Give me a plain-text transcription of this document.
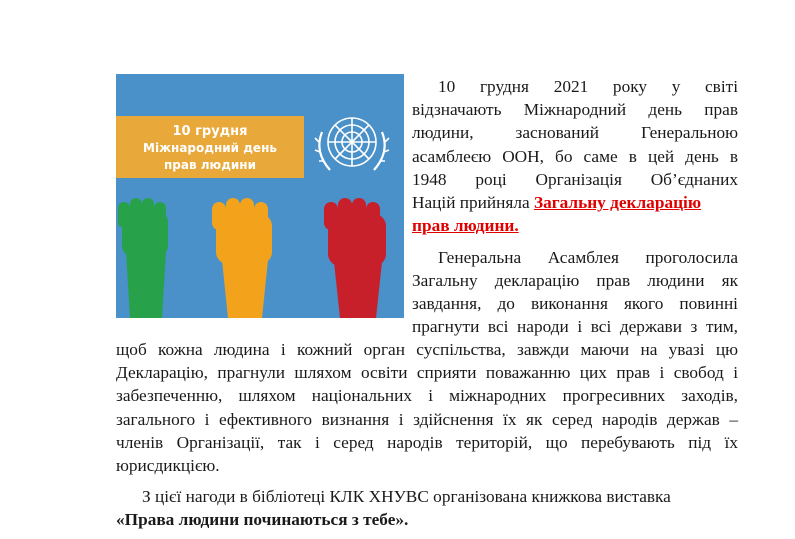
10 грудня
Міжнародний день
прав людини
10 грудня 2021 року у світі
відзначають Міжнародний день прав
людини, заснований Генеральною
асамблеєю ООН, бо саме в цей день в
1948 році Організація Об’єднаних
Націй прийняла Загальну декларацію
прав людини.
Генеральна Асамблея проголосила
Загальну декларацію прав людини як
завдання, до виконання якого повинні
прагнути всі народи і всі держави з тим,
щоб кожна людина і кожний орган суспільства, завжди маючи на увазі цю
Декларацію, прагнули шляхом освіти сприяти поважанню цих прав і свобод і
забезпеченню, шляхом національних і міжнародних прогресивних заходів,
загального і ефективного визнання і здійснення їх як серед народів держав –
членів Організації, так і серед народів територій, що перебувають під їх
юрисдикцією.
З цієї нагоди в бібліотеці КЛК ХНУВС організована книжкова виставка
«Права людини починаються з тебе».
